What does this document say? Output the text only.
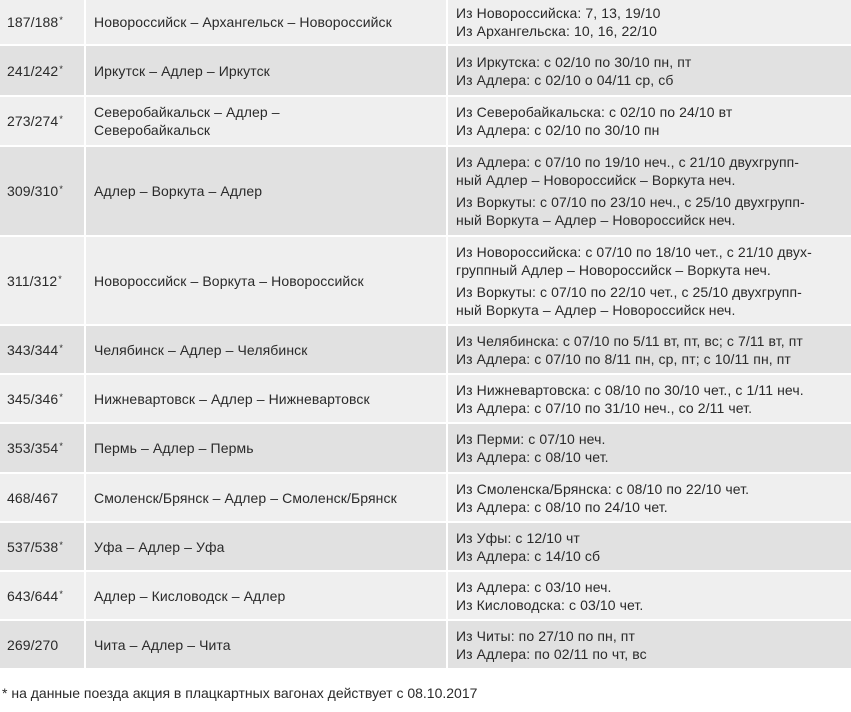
187/188*	Новороссийск – Архангельск – Новороссийск	Из Новороссийска: 7, 13, 19/10
Из Архангельска: 10, 16, 22/10

241/242*	Иркутск – Адлер – Иркутск	Из Иркутска: с 02/10 по 30/10 пн, пт
Из Адлера: с 02/10 о 04/11 ср, сб

273/274*	Северобайкальск – Адлер –
Северобайкальск	Из Северобайкальска: с 02/10 по 24/10 вт
Из Адлера: с 02/10 по 30/10 пн

309/310*	Адлер – Воркута – Адлер	Из Адлера: с 07/10 по 19/10 неч., с 21/10 двухгрупп-
ный Адлер – Новороссийск – Воркута неч.
Из Воркуты: с 07/10 по 23/10 неч., с 25/10 двухгрупп-
ный Воркута – Адлер – Новороссийск неч.

311/312*	Новороссийск – Воркута – Новороссийск	Из Новороссийска: с 07/10 по 18/10 чет., с 21/10 двух-
группный Адлер – Новороссийск – Воркута неч.
Из Воркуты: с 07/10 по 22/10 чет., с 25/10 двухгрупп-
ный Воркута – Адлер – Новороссийск неч.

343/344*	Челябинск – Адлер – Челябинск	Из Челябинска: с 07/10 по 5/11 вт, пт, вс; с 7/11 вт, пт
Из Адлера: с 07/10 по 8/11 пн, ср, пт; с 10/11 пн, пт

345/346*	Нижневартовск – Адлер – Нижневартовск	Из Нижневартовска: с 08/10 по 30/10 чет., с 1/11 неч.
Из Адлера: с 07/10 по 31/10 неч., со 2/11 чет.

353/354*	Пермь – Адлер – Пермь	Из Перми: с 07/10 неч.
Из Адлера: с 08/10 чет.

468/467	Смоленск/Брянск – Адлер – Смоленск/Брянск	Из Смоленска/Брянска: с 08/10 по 22/10 чет.
Из Адлера: с 08/10 по 24/10 чет.

537/538*	Уфа – Адлер – Уфа	Из Уфы: с 12/10 чт
Из Адлера: с 14/10 сб

643/644*	Адлер – Кисловодск – Адлер	Из Адлера: с 03/10 неч.
Из Кисловодска: с 03/10 чет.

269/270	Чита – Адлер – Чита	Из Читы: по 27/10 по пн, пт
Из Адлера: по 02/11 по чт, вс
* на данные поезда акция в плацкартных вагонах действует с 08.10.2017
